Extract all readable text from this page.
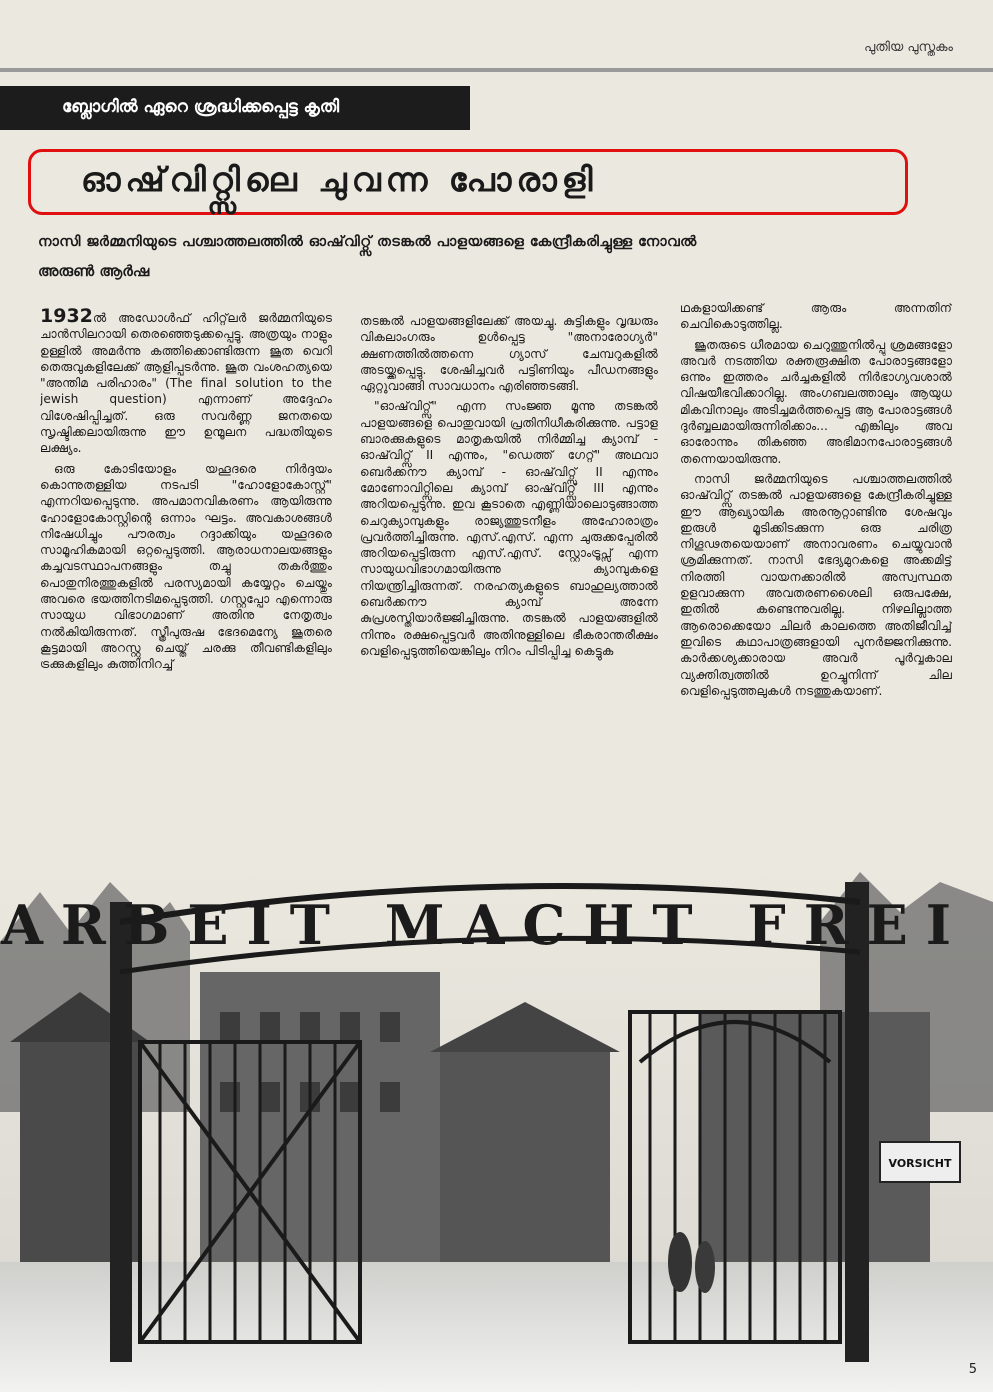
പുതിയ പുസ്തകം
ബ്ലോഗിൽ ഏറെ ശ്രദ്ധിക്കപ്പെട്ട കൃതി
ഓഷ്‌വിറ്റ്സിലെ ചുവന്ന പോരാളി
നാസി ജർമ്മനിയുടെ പശ്ചാത്തലത്തിൽ ഓഷ്‌വിറ്റ്സ് തടങ്കൽ പാളയങ്ങളെ കേന്ദ്രീകരിച്ചുള്ള നോവൽ
അരുൺ ആർഷ

1932ൽ അഡോൾഫ് ഹിറ്റ്‌ലർ ജർമ്മനിയുടെ ചാൻസിലറായി തെരഞ്ഞെടുക്കപ്പെട്ടു. അത്രയും നാളും ഉള്ളിൽ അമർന്നു കത്തിക്കൊണ്ടിരുന്ന ജൂത വെറി തെരുവുകളിലേക്ക് ആളിപ്പടർന്നു. ജൂത വംശഹത്യയെ "അന്തിമ പരിഹാരം" (The final solution to the jewish question) എന്നാണ് അദ്ദേഹം വിശേഷിപ്പിച്ചത്. ഒരു സവർണ്ണ ജനതയെ സൃഷ്ടിക്കലായിരുന്നു ഈ ഉന്മൂലന പദ്ധതിയുടെ ലക്ഷ്യം.

ഒരു കോടിയോളം യഹൂദരെ നിർദ്ദയം കൊന്നുതള്ളിയ നടപടി "ഹോളോകോസ്റ്റ്" എന്നറിയപ്പെടുന്നു. അപമാനവികരണം ആയിരുന്നു ഹോളോകോസ്റ്റിന്റെ ഒന്നാം ഘട്ടം. അവകാശങ്ങൾ നിഷേധിച്ചും പൗരത്വം റദ്ദാക്കിയും യഹൂദരെ സാമൂഹികമായി ഒറ്റപ്പെടുത്തി. ആരാധനാലയങ്ങളും കച്ചവടസ്ഥാപനങ്ങളും തച്ചു തകർത്തും പൊതുനിരത്തുകളിൽ പരസ്യമായി കയ്യേറ്റം ചെയ്തും അവരെ ഭയത്തിനടിമപ്പെടുത്തി. ഗസ്റ്റപ്പോ എന്നൊരു സായുധ വിഭാഗമാണ് അതിനു നേതൃത്വം നൽകിയിരുന്നത്. സ്ത്രീപുരുഷ ഭേദമെന്യേ ജൂതരെ കൂട്ടമായി അറസ്റ്റു ചെയ്ത് ചരക്കു തീവണ്ടികളിലും ട്രക്കുകളിലും കുത്തിനിറച്ച്

തടങ്കൽ പാളയങ്ങളിലേക്ക് അയച്ചു. കുട്ടികളും വൃദ്ധരും വികലാംഗരും ഉൾപ്പെട്ട "അനാരോഗ്യർ" ക്ഷണത്തിൽത്തന്നെ ഗ്യാസ് ചേമ്പറുകളിൽ അടയ്ക്കപ്പെട്ടു. ശേഷിച്ചവർ പട്ടിണിയും പീഡനങ്ങളും ഏറ്റുവാങ്ങി സാവധാനം എരിഞ്ഞടങ്ങി.

"ഓഷ്‌വിറ്റ്സ്" എന്ന സംജ്ഞ മൂന്നു തടങ്കൽ പാളയങ്ങളെ പൊതുവായി പ്രതിനിധീകരിക്കുന്നു. പട്ടാള ബാരക്കുകളുടെ മാതൃകയിൽ നിർമ്മിച്ച ക്യാമ്പ് - ഓഷ്‌വിറ്റ്സ് II എന്നും, "ഡെത്ത് ഗേറ്റ്" അഥവാ ബെർക്കനൗ ക്യാമ്പ് - ഓഷ്‌വിറ്റ്സ് II എന്നും മോണോവിറ്റ്സിലെ ക്യാമ്പ് ഓഷ്‌വിറ്റ്സ് III എന്നും അറിയപ്പെടുന്നു. ഇവ കൂടാതെ എണ്ണിയാലൊടുങ്ങാത്ത ചെറുക്യാമ്പുകളും രാജ്യത്തുടനീളം അഹോരാത്രം പ്രവർത്തിച്ചിരുന്നു. എസ്.എസ്. എന്ന ചുരുക്കപ്പേരിൽ അറിയപ്പെട്ടിരുന്ന എസ്.എസ്. സ്റ്റോംട്രൂപ്സ് എന്ന സായുധവിഭാഗമായിരുന്നു ക്യാമ്പുകളെ നിയന്ത്രിച്ചിരുന്നത്. നരഹത്യകളുടെ ബാഹുല്യത്താൽ ബെർക്കനൗ ക്യാമ്പ് അന്നേ കുപ്രശസ്തിയാർജ്ജിച്ചിരുന്നു. തടങ്കൽ പാളയങ്ങളിൽ നിന്നും രക്ഷപ്പെട്ടവർ അതിനുള്ളിലെ ഭീകരാന്തരീക്ഷം വെളിപ്പെടുത്തിയെങ്കിലും നിറം പിടിപ്പിച്ച കെട്ടുക

ഥകളായിക്കണ്ട് ആരും അന്നതിന് ചെവികൊടുത്തില്ല.

ജൂതരുടെ ധീരമായ ചെറുത്തുനിൽപ്പു ശ്രമങ്ങളോ അവർ നടത്തിയ രക്തരൂക്ഷിത പോരാട്ടങ്ങളോ ഒന്നും ഇത്തരം ചർച്ചകളിൽ നിർഭാഗ്യവശാൽ വിഷയീഭവിക്കാറില്ല. അംഗബലത്താലും ആയുധ മികവിനാലും അടിച്ചമർത്തപ്പെട്ട ആ പോരാട്ടങ്ങൾ ദുർബ്ബലമായിരുന്നിരിക്കാം... എങ്കിലും അവ ഓരോന്നും തികഞ്ഞ അഭിമാനപോരാട്ടങ്ങൾ തന്നെയായിരുന്നു.

നാസി ജർമ്മനിയുടെ പശ്ചാത്തലത്തിൽ ഓഷ്‌വിറ്റ്സ് തടങ്കൽ പാളയങ്ങളെ കേന്ദ്രീകരിച്ചുള്ള ഈ ആഖ്യായിക അരനൂറ്റാണ്ടിനു ശേഷവും ഇരുൾ മൂടിക്കിടക്കുന്ന ഒരു ചരിത്ര നിഗൂഢതയെയാണ് അനാവരണം ചെയ്യുവാൻ ശ്രമിക്കുന്നത്. നാസി ഭേദ്യമുറകളെ അക്കമിട്ട് നിരത്തി വായനക്കാരിൽ അസ്വസ്ഥത ഉളവാക്കുന്ന അവതരണശൈലി ഒരുപക്ഷേ, ഇതിൽ കണ്ടെന്നുവരില്ല. നിഴലില്ലാത്ത ആരൊക്കെയോ ചിലർ കാലത്തെ അതിജീവിച്ച് ഇവിടെ കഥാപാത്രങ്ങളായി പുനർജ്ജനിക്കുന്നു. കാർക്കശ്യക്കാരായ അവർ പൂർവ്വകാല വ്യക്തിത്വത്തിൽ ഉറച്ചുനിന്ന് ചില വെളിപ്പെടുത്തലുകൾ നടത്തുകയാണ്.

ARBEIT MACHT FREI
VORSICHT
5
